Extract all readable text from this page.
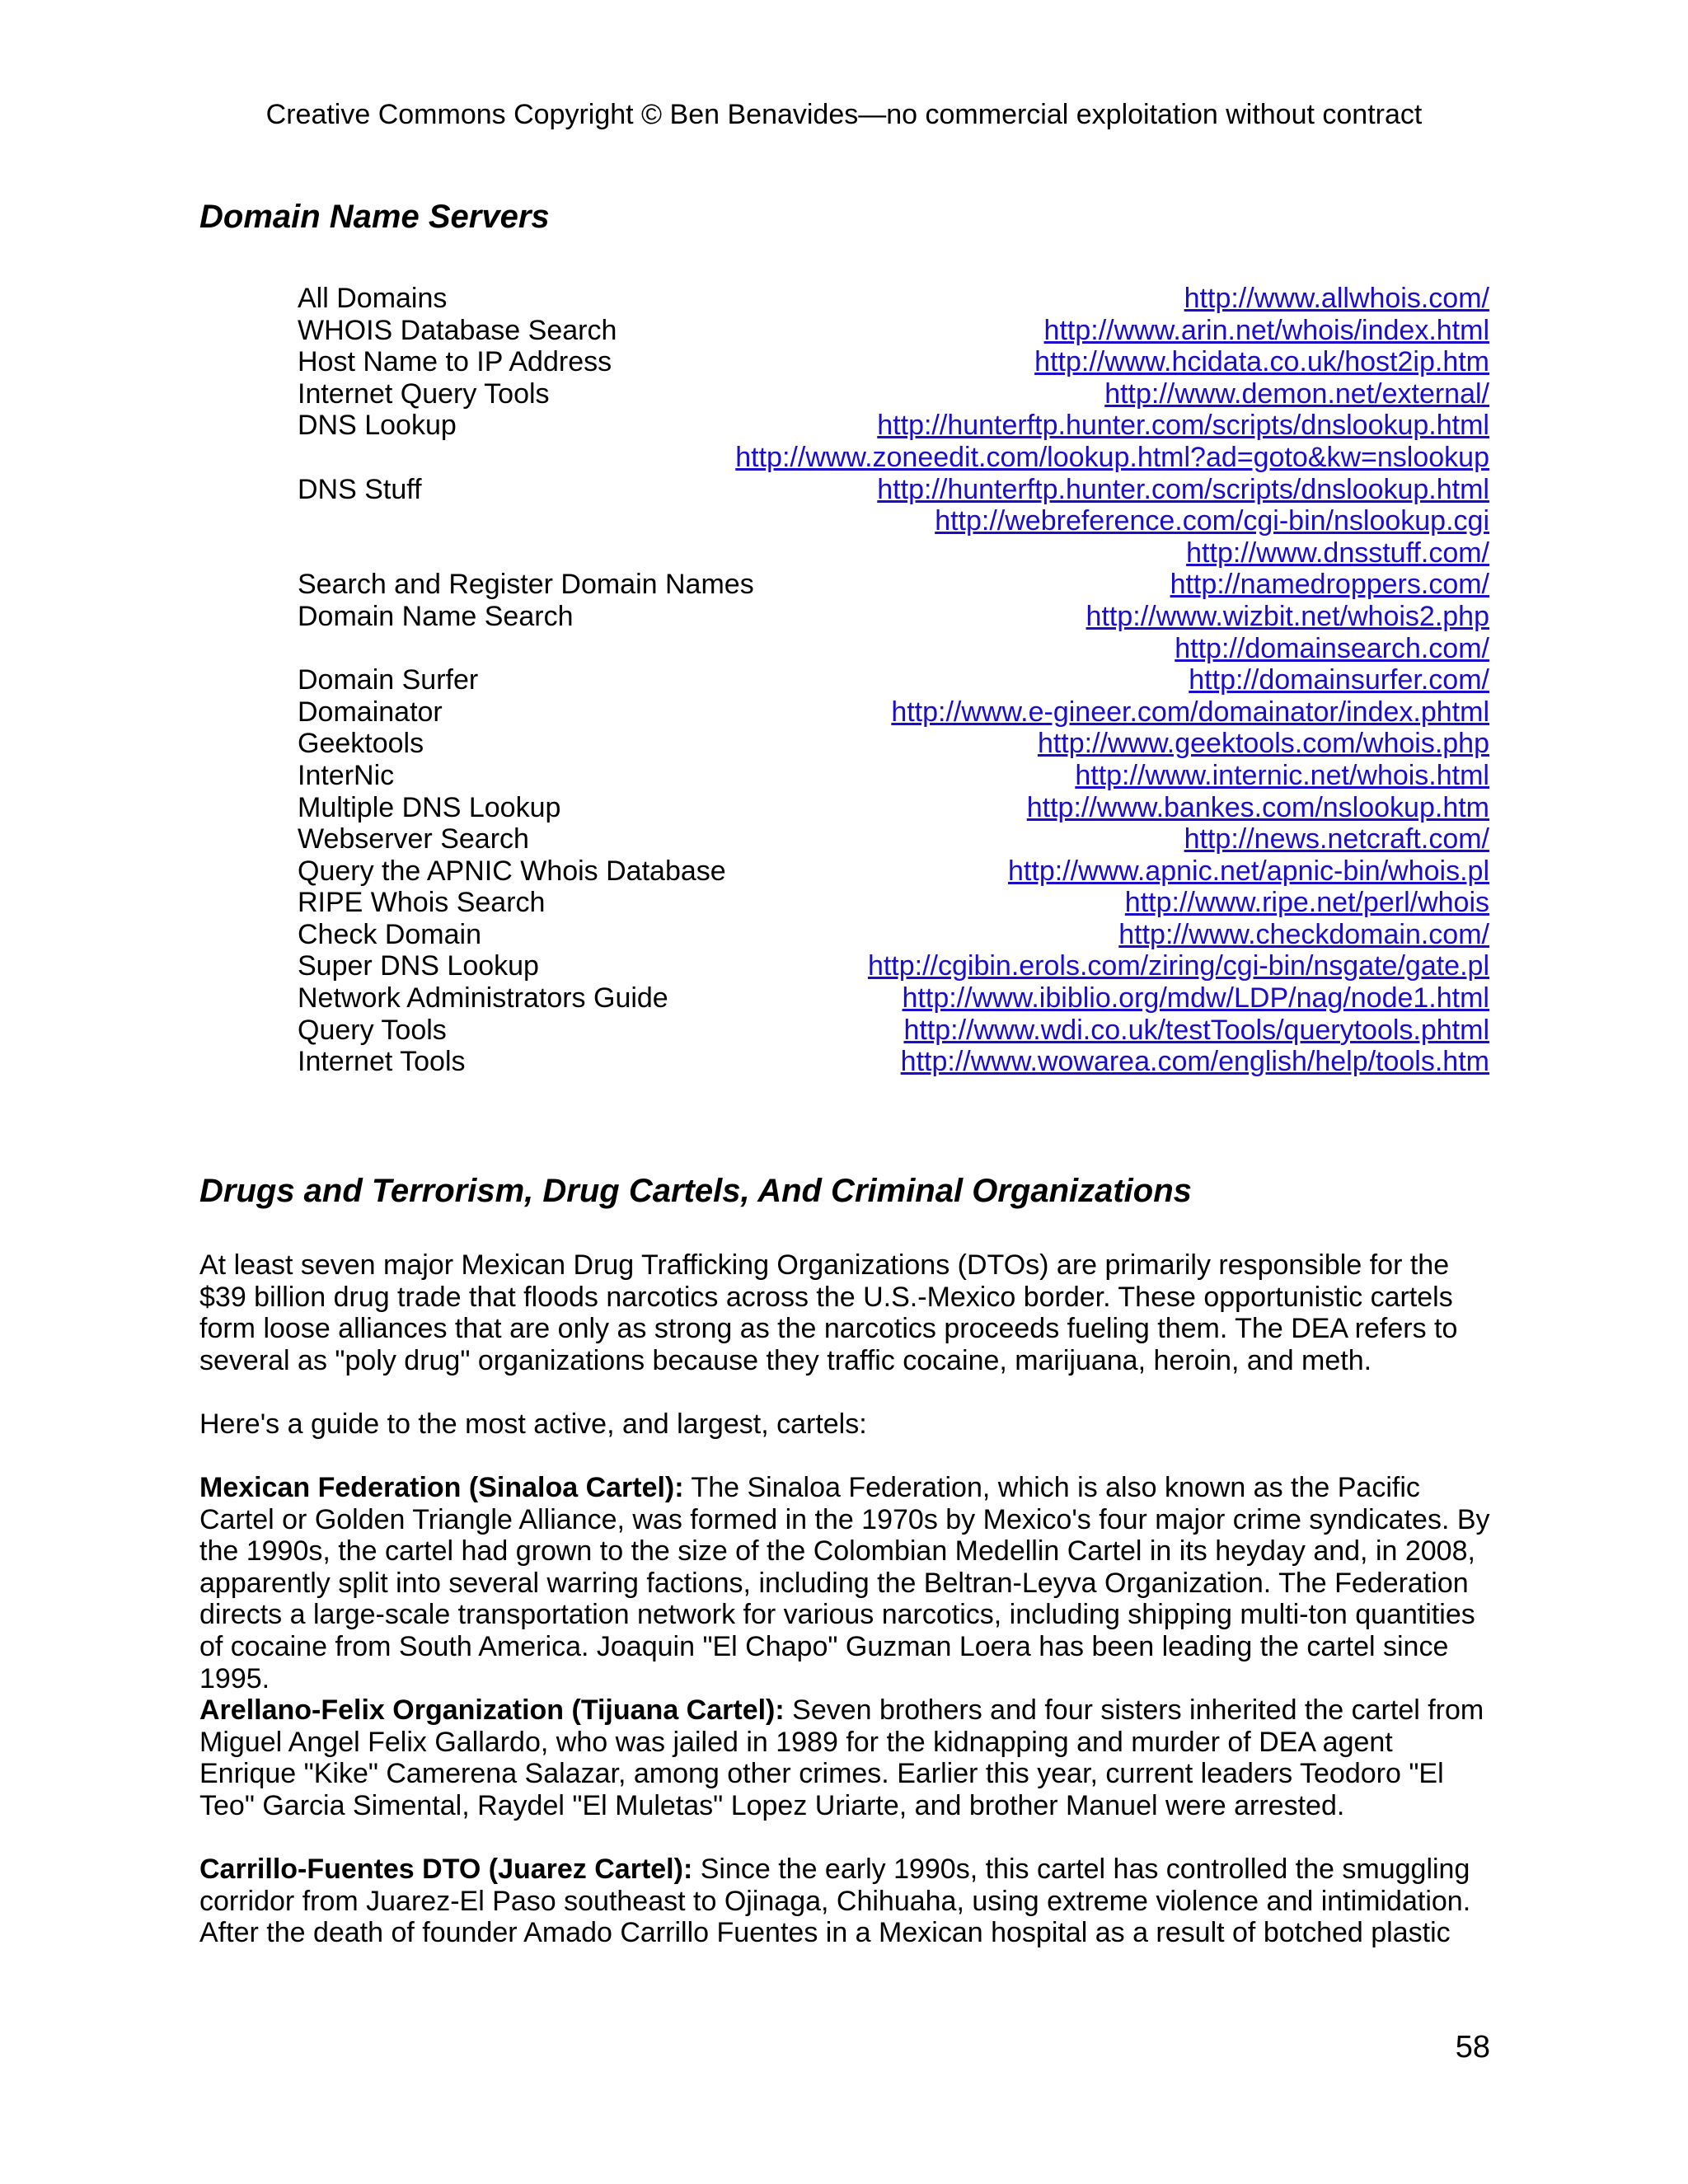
Creative Commons Copyright © Ben Benavides—no commercial exploitation without contract
Domain Name Servers
All Domains	http://www.allwhois.com/
WHOIS Database Search	http://www.arin.net/whois/index.html
Host Name to IP Address	http://www.hcidata.co.uk/host2ip.htm
Internet Query Tools	http://www.demon.net/external/
DNS Lookup	http://hunterftp.hunter.com/scripts/dnslookup.html
http://www.zoneedit.com/lookup.html?ad=goto&kw=nslookup
DNS Stuff	http://hunterftp.hunter.com/scripts/dnslookup.html
http://webreference.com/cgi-bin/nslookup.cgi
http://www.dnsstuff.com/
Search and Register Domain Names	http://namedroppers.com/
Domain Name Search	http://www.wizbit.net/whois2.php
http://domainsearch.com/
Domain Surfer	http://domainsurfer.com/
Domainator	http://www.e-gineer.com/domainator/index.phtml
Geektools	http://www.geektools.com/whois.php
InterNic	http://www.internic.net/whois.html
Multiple DNS Lookup	http://www.bankes.com/nslookup.htm
Webserver Search	http://news.netcraft.com/
Query the APNIC Whois Database	http://www.apnic.net/apnic-bin/whois.pl
RIPE Whois Search	http://www.ripe.net/perl/whois
Check Domain	http://www.checkdomain.com/
Super DNS Lookup	http://cgibin.erols.com/ziring/cgi-bin/nsgate/gate.pl
Network Administrators Guide	http://www.ibiblio.org/mdw/LDP/nag/node1.html
Query Tools	http://www.wdi.co.uk/testTools/querytools.phtml
Internet Tools	http://www.wowarea.com/english/help/tools.htm
Drugs and Terrorism, Drug Cartels, And Criminal Organizations

At least seven major Mexican Drug Trafficking Organizations (DTOs) are primarily responsible for the $39 billion drug trade that floods narcotics across the U.S.-Mexico border. These opportunistic cartels form loose alliances that are only as strong as the narcotics proceeds fueling them. The DEA refers to several as "poly drug" organizations because they traffic cocaine, marijuana, heroin, and meth.

Here's a guide to the most active, and largest, cartels:

Mexican Federation (Sinaloa Cartel): The Sinaloa Federation, which is also known as the Pacific Cartel or Golden Triangle Alliance, was formed in the 1970s by Mexico's four major crime syndicates. By the 1990s, the cartel had grown to the size of the Colombian Medellin Cartel in its heyday and, in 2008, apparently split into several warring factions, including the Beltran-Leyva Organization. The Federation directs a large-scale transportation network for various narcotics, including shipping multi-ton quantities of cocaine from South America. Joaquin "El Chapo" Guzman Loera has been leading the cartel since 1995.

Arellano-Felix Organization (Tijuana Cartel): Seven brothers and four sisters inherited the cartel from Miguel Angel Felix Gallardo, who was jailed in 1989 for the kidnapping and murder of DEA agent Enrique "Kike" Camerena Salazar, among other crimes. Earlier this year, current leaders Teodoro "El Teo" Garcia Simental, Raydel "El Muletas" Lopez Uriarte, and brother Manuel were arrested.

Carrillo-Fuentes DTO (Juarez Cartel): Since the early 1990s, this cartel has controlled the smuggling corridor from Juarez-El Paso southeast to Ojinaga, Chihuaha, using extreme violence and intimidation. After the death of founder Amado Carrillo Fuentes in a Mexican hospital as a result of botched plastic

58
